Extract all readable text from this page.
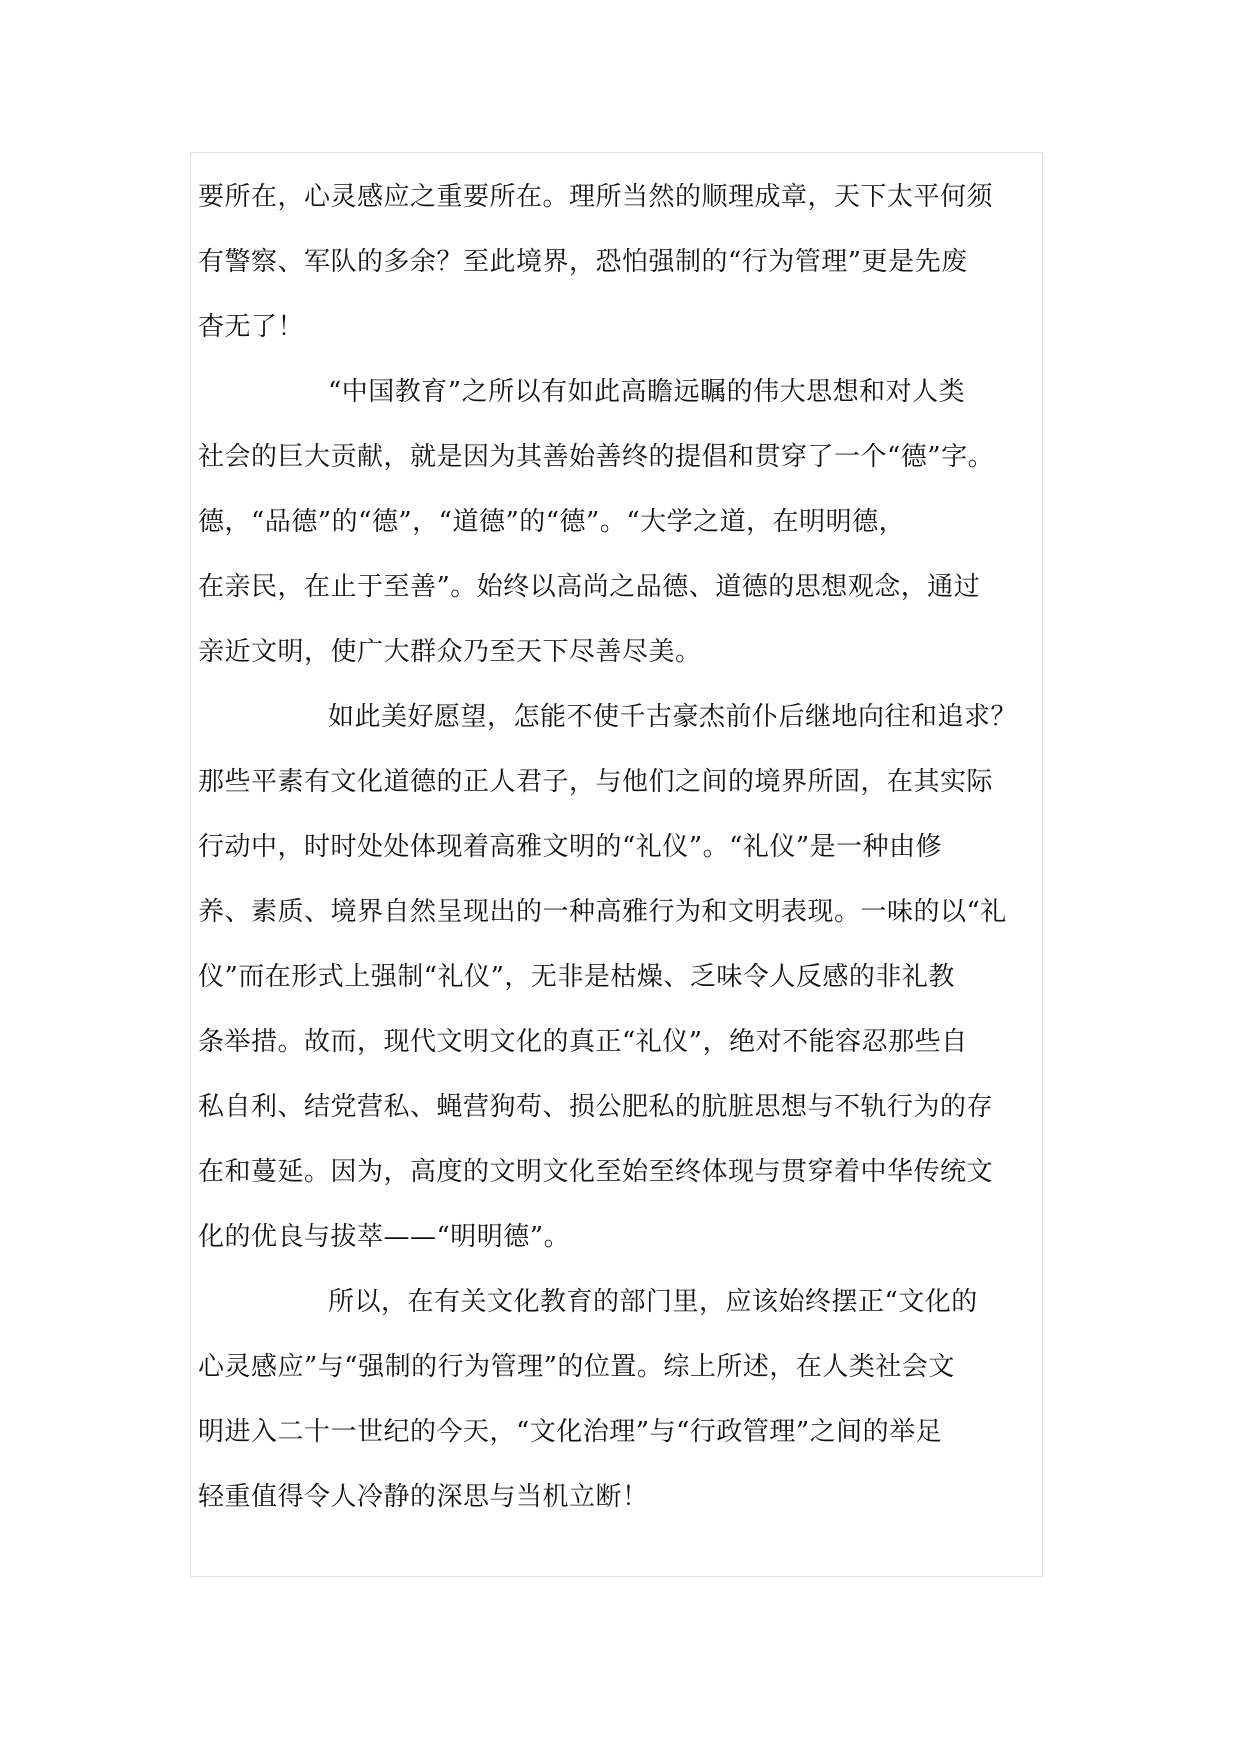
要所在，心灵感应之重要所在。理所当然的顺理成章，天下太平何须
有警察、军队的多余？至此境界，恐怕强制的“行为管理”更是先废
杳无了！
“中国教育”之所以有如此高瞻远瞩的伟大思想和对人类
社会的巨大贡献，就是因为其善始善终的提倡和贯穿了一个“德”字。
德，“品德”的“德”，“道德”的“德”。“大学之道，在明明德，
在亲民，在止于至善”。始终以高尚之品德、道德的思想观念，通过
亲近文明，使广大群众乃至天下尽善尽美。
如此美好愿望，怎能不使千古豪杰前仆后继地向往和追求？
那些平素有文化道德的正人君子，与他们之间的境界所固，在其实际
行动中，时时处处体现着高雅文明的“礼仪”。“礼仪”是一种由修
养、素质、境界自然呈现出的一种高雅行为和文明表现。一味的以“礼
仪”而在形式上强制“礼仪”，无非是枯燥、乏味令人反感的非礼教
条举措。故而，现代文明文化的真正“礼仪”，绝对不能容忍那些自
私自利、结党营私、蝇营狗苟、损公肥私的肮脏思想与不轨行为的存
在和蔓延。因为，高度的文明文化至始至终体现与贯穿着中华传统文
化的优良与拔萃——“明明德”。
所以，在有关文化教育的部门里，应该始终摆正“文化的
心灵感应”与“强制的行为管理”的位置。综上所述，在人类社会文
明进入二十一世纪的今天，“文化治理”与“行政管理”之间的举足
轻重值得令人冷静的深思与当机立断！
